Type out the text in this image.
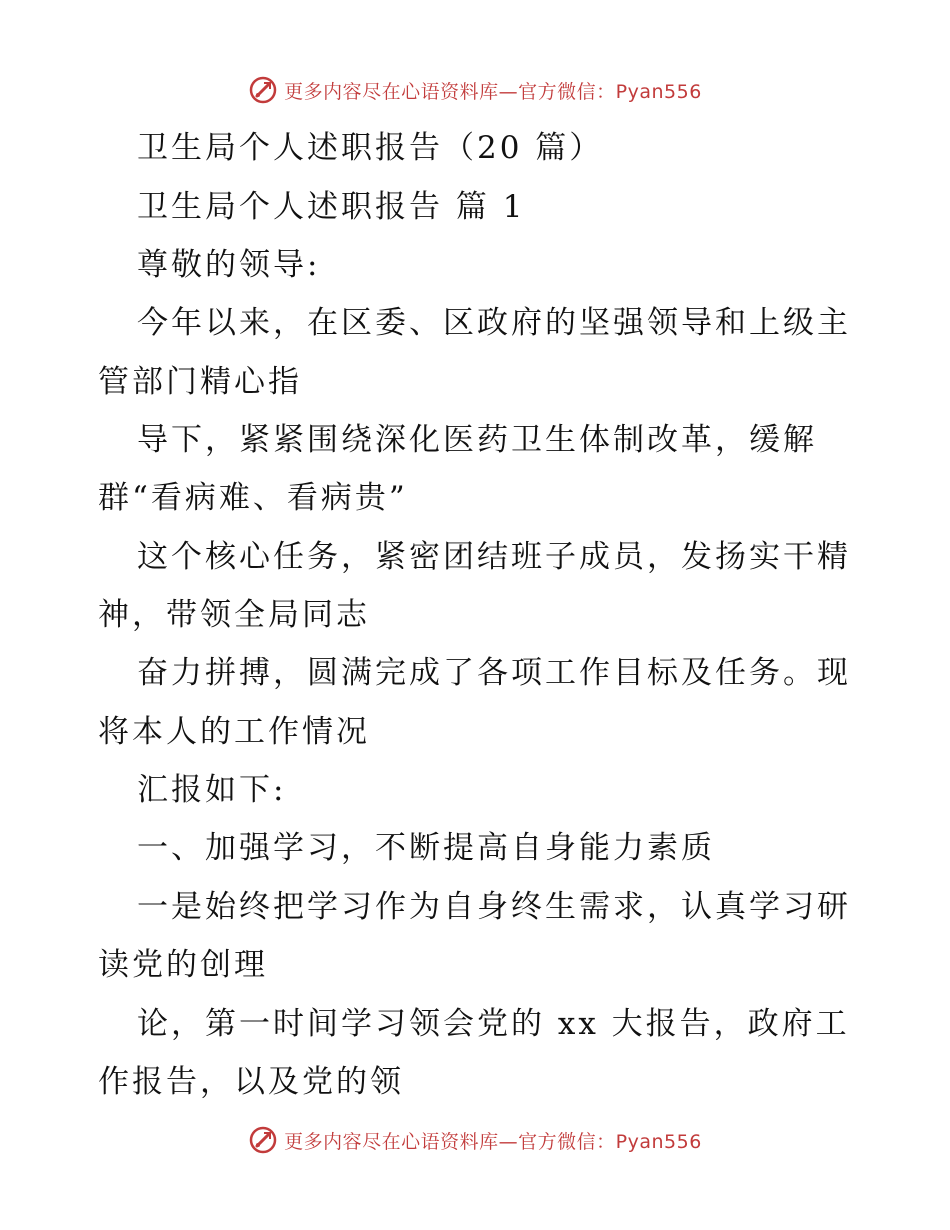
更多内容尽在心语资料库—官方微信：Pyan556
卫生局个人述职报告（20 篇）
卫生局个人述职报告 篇 1
尊敬的领导:
今年以来，在区委、区政府的坚强领导和上级主
管部门精心指
导下，紧紧围绕深化医药卫生体制改革，缓解
群“看病难、看病贵”
这个核心任务，紧密团结班子成员，发扬实干精
神，带领全局同志
奋力拼搏，圆满完成了各项工作目标及任务。现
将本人的工作情况
汇报如下:
一、加强学习，不断提高自身能力素质
一是始终把学习作为自身终生需求，认真学习研
读党的创理
论，第一时间学习领会党的 xx 大报告，政府工
作报告，以及党的领
更多内容尽在心语资料库—官方微信：Pyan556
